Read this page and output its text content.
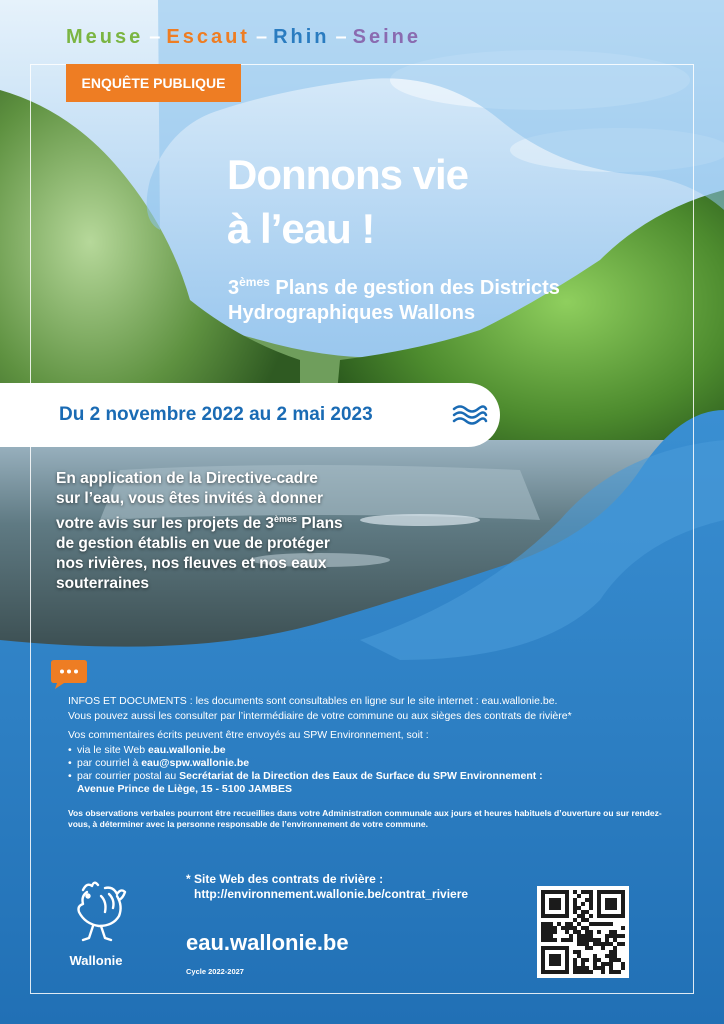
Meuse – Escaut – Rhin – Seine
ENQUÊTE PUBLIQUE
Donnons vie
à l’eau !
3èmes Plans de gestion des Districts
Hydrographiques Wallons
Du 2 novembre 2022 au 2 mai 2023
En application de la Directive-cadre sur l’eau, vous êtes invités à donner votre avis sur les projets de 3èmes Plans de gestion établis en vue de protéger nos rivières, nos fleuves et nos eaux souterraines

INFOS ET DOCUMENTS : les documents sont consultables en ligne sur le site internet : eau.wallonie.be.

Vous pouvez aussi les consulter par l’intermédiaire de votre commune ou aux sièges des contrats de rivière*

Vos commentaires écrits peuvent être envoyés au SPW Environnement, soit :

• via le site Web eau.wallonie.be
• par courriel à eau@spw.wallonie.be
• par courrier postal au Secrétariat de la Direction des Eaux de Surface du SPW Environnement :
Avenue Prince de Liège, 15 - 5100 JAMBES
Vos observations verbales pourront être recueillies dans votre Administration communale aux jours et heures habituels d’ouverture ou sur rendez-vous, à déterminer avec la personne responsable de l’environnement de votre commune.
Wallonie
* Site Web des contrats de rivière :
http://environnement.wallonie.be/contrat_riviere
eau.wallonie.be
Cycle 2022-2027
